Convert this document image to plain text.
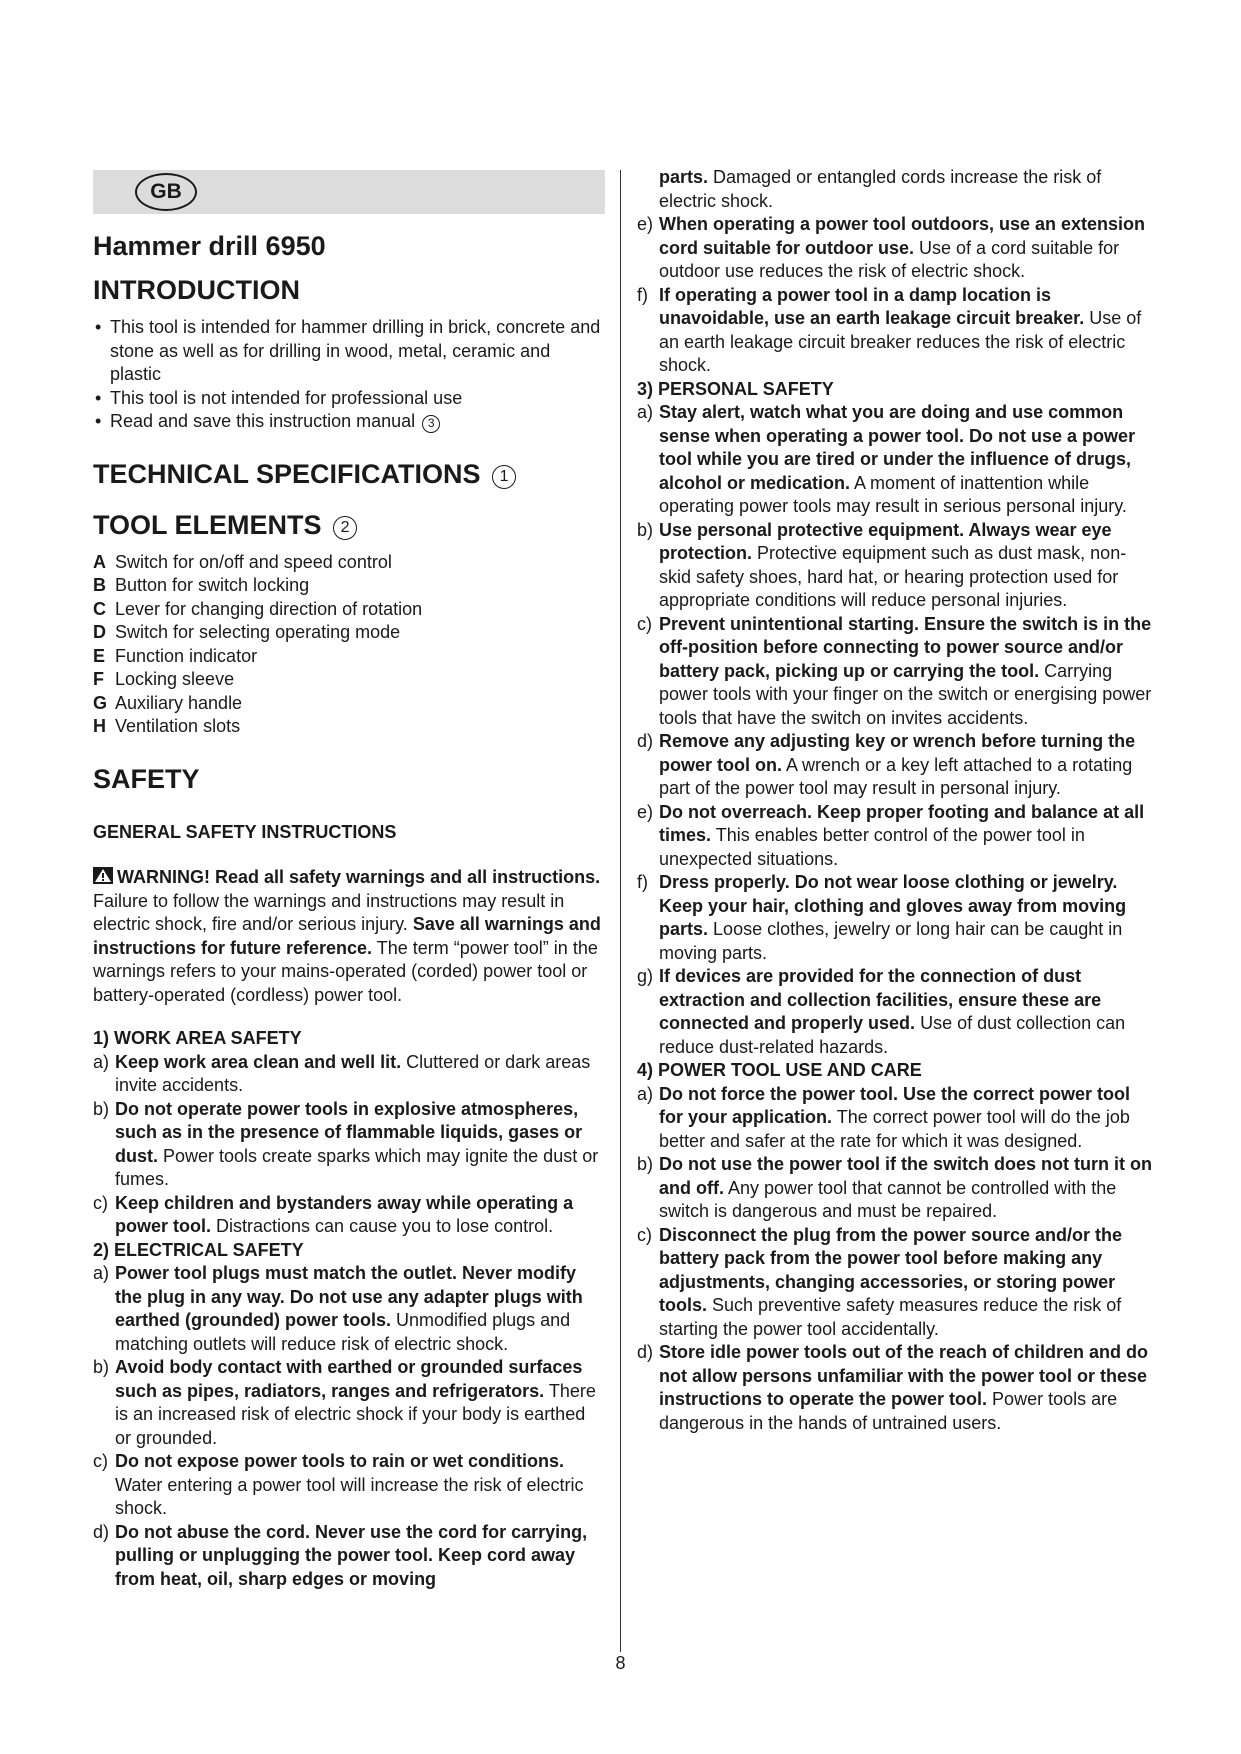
GB
Hammer drill 6950
INTRODUCTION
• This tool is intended for hammer drilling in brick, concrete and stone as well as for drilling in wood, metal, ceramic and plastic
• This tool is not intended for professional use
• Read and save this instruction manual 3
TECHNICAL SPECIFICATIONS 1
TOOL ELEMENTS 2
A Switch for on/off and speed control
B Button for switch locking
C Lever for changing direction of rotation
D Switch for selecting operating mode
E Function indicator
F Locking sleeve
G Auxiliary handle
H Ventilation slots
SAFETY
GENERAL SAFETY INSTRUCTIONS
WARNING! Read all safety warnings and all instructions. Failure to follow the warnings and instructions may result in electric shock, fire and/or serious injury. Save all warnings and instructions for future reference. The term “power tool” in the warnings refers to your mains-operated (corded) power tool or battery-operated (cordless) power tool.
1) WORK AREA SAFETY
a) Keep work area clean and well lit. Cluttered or dark areas invite accidents.
b) Do not operate power tools in explosive atmospheres, such as in the presence of flammable liquids, gases or dust. Power tools create sparks which may ignite the dust or fumes.
c) Keep children and bystanders away while operating a power tool. Distractions can cause you to lose control.
2) ELECTRICAL SAFETY
a) Power tool plugs must match the outlet. Never modify the plug in any way. Do not use any adapter plugs with earthed (grounded) power tools. Unmodified plugs and matching outlets will reduce risk of electric shock.
b) Avoid body contact with earthed or grounded surfaces such as pipes, radiators, ranges and refrigerators. There is an increased risk of electric shock if your body is earthed or grounded.
c) Do not expose power tools to rain or wet conditions. Water entering a power tool will increase the risk of electric shock.
d) Do not abuse the cord. Never use the cord for carrying, pulling or unplugging the power tool. Keep cord away from heat, oil, sharp edges or moving
parts. Damaged or entangled cords increase the risk of electric shock.
e) When operating a power tool outdoors, use an extension cord suitable for outdoor use. Use of a cord suitable for outdoor use reduces the risk of electric shock.
f) If operating a power tool in a damp location is unavoidable, use an earth leakage circuit breaker. Use of an earth leakage circuit breaker reduces the risk of electric shock.
3) PERSONAL SAFETY
a) Stay alert, watch what you are doing and use common sense when operating a power tool. Do not use a power tool while you are tired or under the influence of drugs, alcohol or medication. A moment of inattention while operating power tools may result in serious personal injury.
b) Use personal protective equipment. Always wear eye protection. Protective equipment such as dust mask, non-skid safety shoes, hard hat, or hearing protection used for appropriate conditions will reduce personal injuries.
c) Prevent unintentional starting. Ensure the switch is in the off-position before connecting to power source and/or battery pack, picking up or carrying the tool. Carrying power tools with your finger on the switch or energising power tools that have the switch on invites accidents.
d) Remove any adjusting key or wrench before turning the power tool on. A wrench or a key left attached to a rotating part of the power tool may result in personal injury.
e) Do not overreach. Keep proper footing and balance at all times. This enables better control of the power tool in unexpected situations.
f) Dress properly. Do not wear loose clothing or jewelry. Keep your hair, clothing and gloves away from moving parts. Loose clothes, jewelry or long hair can be caught in moving parts.
g) If devices are provided for the connection of dust extraction and collection facilities, ensure these are connected and properly used. Use of dust collection can reduce dust-related hazards.
4) POWER TOOL USE AND CARE
a) Do not force the power tool. Use the correct power tool for your application. The correct power tool will do the job better and safer at the rate for which it was designed.
b) Do not use the power tool if the switch does not turn it on and off. Any power tool that cannot be controlled with the switch is dangerous and must be repaired.
c) Disconnect the plug from the power source and/or the battery pack from the power tool before making any adjustments, changing accessories, or storing power tools. Such preventive safety measures reduce the risk of starting the power tool accidentally.
d) Store idle power tools out of the reach of children and do not allow persons unfamiliar with the power tool or these instructions to operate the power tool. Power tools are dangerous in the hands of untrained users.
8
